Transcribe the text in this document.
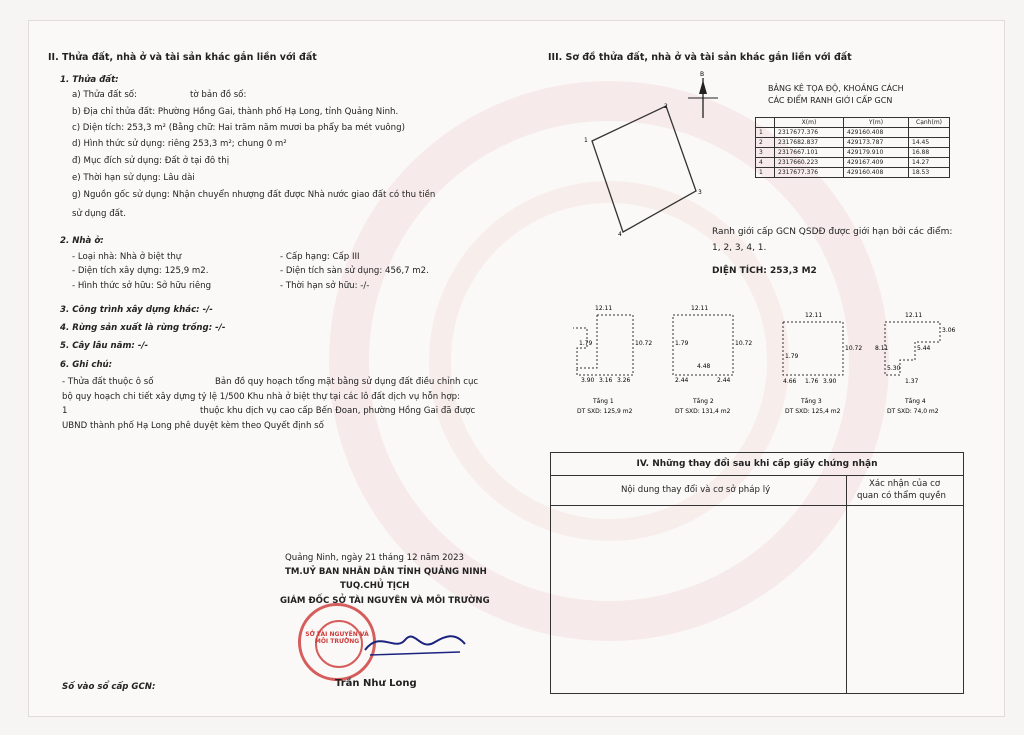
II. Thửa đất, nhà ở và tài sản khác gắn liền với đất
1. Thửa đất:
a) Thửa đất số:	tờ bản đồ số:
b) Địa chỉ thửa đất: Phường Hồng Gai, thành phố Hạ Long, tỉnh Quảng Ninh.
c) Diện tích: 253,3 m² (Bằng chữ: Hai trăm năm mươi ba phẩy ba mét vuông)
d) Hình thức sử dụng: riêng 253,3 m²; chung 0 m²
đ) Mục đích sử dụng: Đất ở tại đô thị
e) Thời hạn sử dụng: Lâu dài
g) Nguồn gốc sử dụng: Nhận chuyển nhượng đất được Nhà nước giao đất có thu tiền
sử dụng đất.
2. Nhà ở:
- Loại nhà: Nhà ở biệt thự	- Cấp hạng: Cấp III
- Diện tích xây dựng: 125,9 m2.	- Diện tích sàn sử dụng: 456,7 m2.
- Hình thức sở hữu: Sở hữu riêng	- Thời hạn sở hữu: -/-
3. Công trình xây dựng khác: -/-
4. Rừng sản xuất là rừng trồng: -/-
5. Cây lâu năm: -/-
6. Ghi chú:
- Thửa đất thuộc ô số	Bản đồ quy hoạch tổng mặt bằng sử dụng đất điều chỉnh cục
bộ quy hoạch chi tiết xây dựng tỷ lệ 1/500 Khu nhà ở biệt thự tại các lô đất dịch vụ hỗn hợp:
1	thuộc khu dịch vụ cao cấp Bến Đoan, phường Hồng Gai đã được
UBND thành phố Hạ Long phê duyệt kèm theo Quyết định số
Quảng Ninh, ngày 21 tháng 12 năm 2023
TM.UỶ BAN NHÂN DÂN TỈNH QUẢNG NINH
TUQ.CHỦ TỊCH
GIÁM ĐỐC SỞ TÀI NGUYÊN VÀ MÔI TRƯỜNG
SỞ TÀI NGUYÊN VÀ MÔI TRƯỜNG
Trần Như Long
Số vào sổ cấp GCN:
III. Sơ đồ thửa đất, nhà ở và tài sản khác gắn liền với đất
1
2
3
4
B
BẢNG KÊ TỌA ĐỘ, KHOẢNG CÁCH
CÁC ĐIỂM RANH GIỚI CẤP GCN
	X(m)	Y(m)	Cạnh(m)
1	2317677.376	429160.408	
2	2317682.837	429173.787	14.45
3	2317667.101	429179.910	16.88
4	2317660.223	429167.409	14.27
1	2317677.376	429160.408	18.53
Ranh giới cấp GCN QSDĐ được giới hạn bởi các điểm:
1, 2, 3, 4, 1.
DIỆN TÍCH: 253,3 M2
12.11
10.72
1.79
3.90 3.16 3.26
Tầng 1
DT SXD: 125,9 m2
12.11
10.72
1.79
2.44
4.48
2.44
Tầng 2
DT SXD: 131,4 m2
12.11
10.72
1.79
4.66 1.76 3.90
Tầng 3
DT SXD: 125,4 m2
12.11
3.06
5.44
5.30
1.37
8.11
Tầng 4
DT SXD: 74,0 m2
IV. Những thay đổi sau khi cấp giấy chứng nhận
Nội dung thay đổi và cơ sở pháp lý
Xác nhận của cơ
quan có thẩm quyền
